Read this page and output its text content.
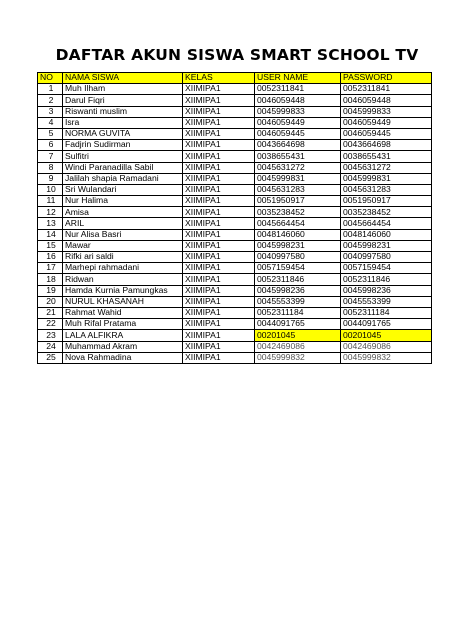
DAFTAR AKUN SISWA SMART SCHOOL TV
NO	NAMA SISWA	KELAS	USER NAME	PASSWORD
1	Muh Ilham	XIIMIPA1	0052311841	0052311841
2	Darul Fiqri	XIIMIPA1	0046059448	0046059448
3	Riswanti muslim	XIIMIPA1	0045999833	0045999833
4	Isra	XIIMIPA1	0046059449	0046059449
5	NORMA GUVITA	XIIMIPA1	0046059445	0046059445
6	Fadjrin Sudirman	XIIMIPA1	0043664698	0043664698
7	Sulfitri	XIIMIPA1	0038655431	0038655431
8	Windi Paranadilla Sabil	XIIMIPA1	0045631272	0045631272
9	Jalilah shapia Ramadani	XIIMIPA1	0045999831	0045999831
10	Sri Wulandari	XIIMIPA1	0045631283	0045631283
11	Nur Halima	XIIMIPA1	0051950917	0051950917
12	Amisa	XIIMIPA1	0035238452	0035238452
13	ARIL	XIIMIPA1	0045664454	0045664454
14	Nur Alisa Basri	XIIMIPA1	0048146060	0048146060
15	Mawar	XIIMIPA1	0045998231	0045998231
16	Rifki ari saldi	XIIMIPA1	0040997580	0040997580
17	Marhepi rahmadani	XIIMIPA1	0057159454	0057159454
18	Ridwan	XIIMIPA1	0052311846	0052311846
19	Hamda Kurnia Pamungkas	XIIMIPA1	0045998236	0045998236
20	NURUL KHASANAH	XIIMIPA1	0045553399	0045553399
21	Rahmat Wahid	XIIMIPA1	0052311184	0052311184
22	Muh Rifal Pratama	XIIMIPA1	0044091765	0044091765
23	LALA ALFIKRA	XIIMIPA1	00201045	00201045
24	Muhammad Akram	XIIMIPA1	0042469086	0042469086
25	Nova Rahmadina	XIIMIPA1	0045999832	0045999832
